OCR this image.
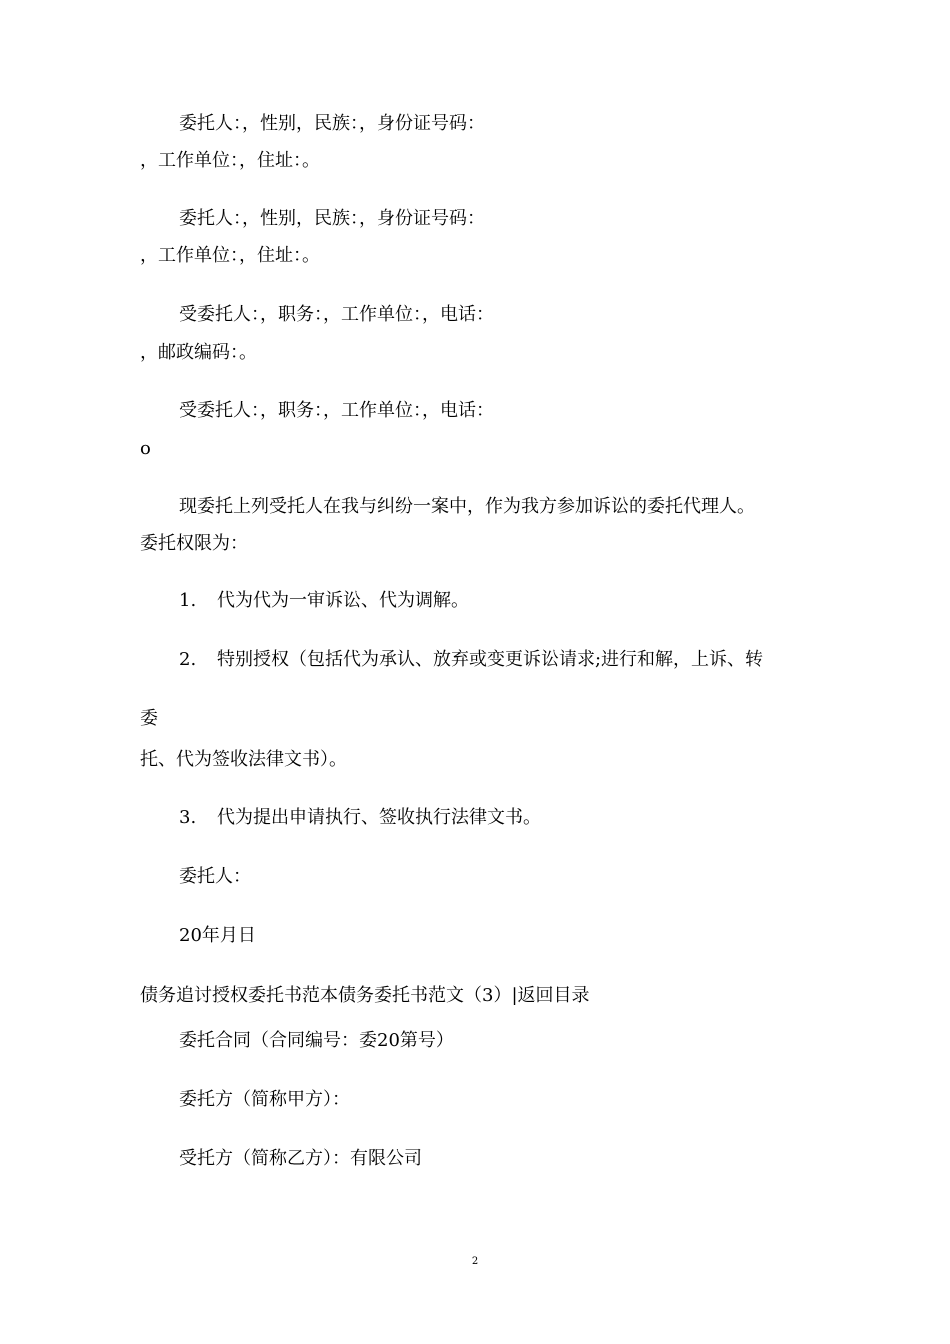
委托人：，性别，民族：，身份证号码：
，工作单位：，住址：。
委托人：，性别，民族：，身份证号码：
，工作单位：，住址：。
受委托人：，职务：，工作单位：，电话：
，邮政编码：。
受委托人：，职务：，工作单位：，电话：
o
现委托上列受托人在我与纠纷一案中，作为我方参加诉讼的委托代理人。
委托权限为：
1. 代为代为一审诉讼、代为调解。
2. 特别授权（包括代为承认、放弃或变更诉讼请求;进行和解，上诉、转
委
托、代为签收法律文书）。
3. 代为提出申请执行、签收执行法律文书。
委托人：
20年月日
债务追讨授权委托书范本债务委托书范文（3）|返回目录
委托合同（合同编号：委20第号）
委托方（简称甲方）：
受托方（简称乙方）：有限公司
2
